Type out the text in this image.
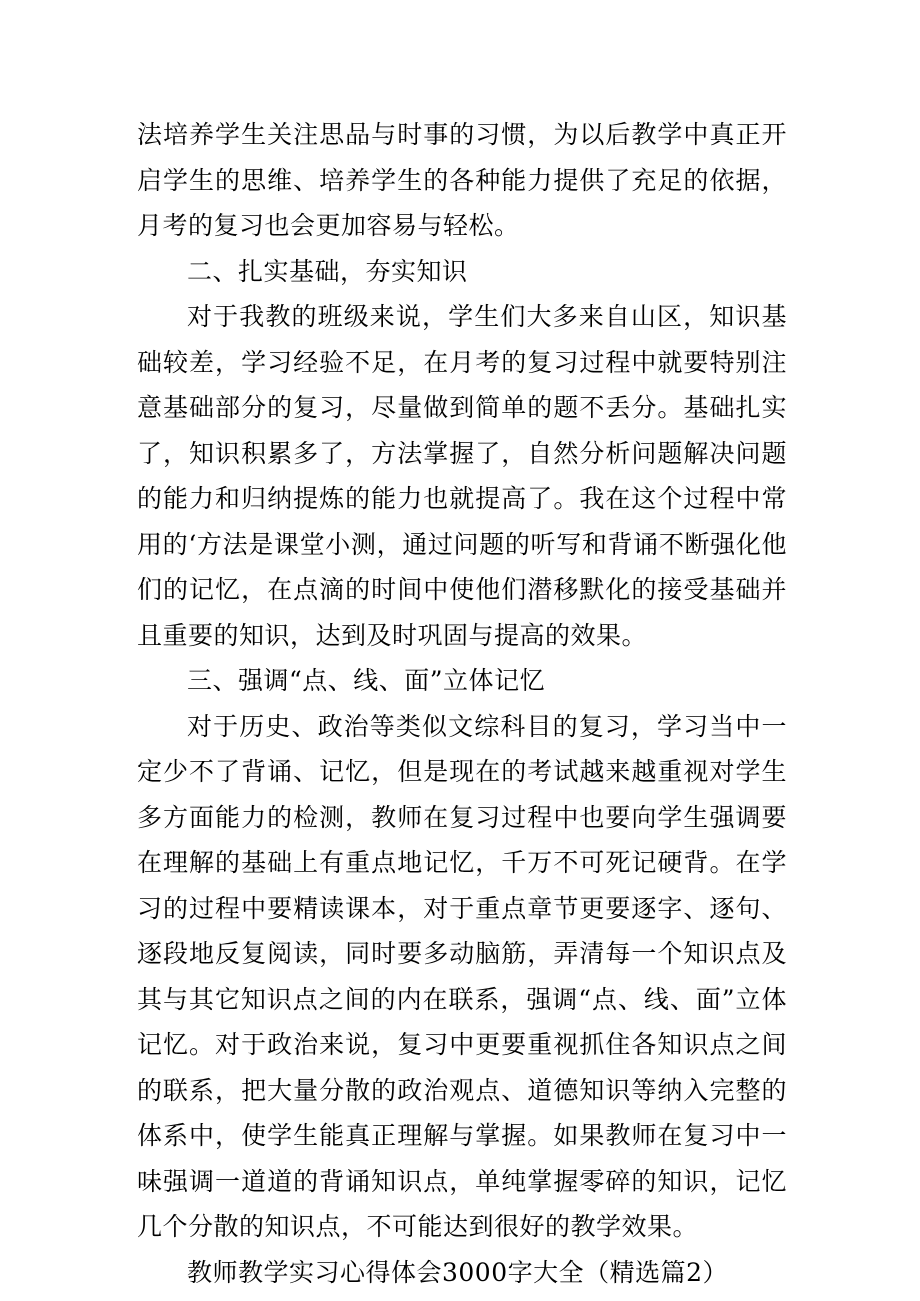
法培养学生关注思品与时事的习惯，为以后教学中真正开启学生的思维、培养学生的各种能力提供了充足的依据，月考的复习也会更加容易与轻松。

二、扎实基础，夯实知识

对于我教的班级来说，学生们大多来自山区，知识基础较差，学习经验不足，在月考的复习过程中就要特别注意基础部分的复习，尽量做到简单的题不丢分。基础扎实了，知识积累多了，方法掌握了，自然分析问题解决问题的能力和归纳提炼的能力也就提高了。我在这个过程中常用的‘方法是课堂小测，通过问题的听写和背诵不断强化他们的记忆，在点滴的时间中使他们潜移默化的接受基础并且重要的知识，达到及时巩固与提高的效果。

三、强调“点、线、面”立体记忆

对于历史、政治等类似文综科目的复习，学习当中一定少不了背诵、记忆，但是现在的考试越来越重视对学生多方面能力的检测，教师在复习过程中也要向学生强调要在理解的基础上有重点地记忆，千万不可死记硬背。在学习的过程中要精读课本，对于重点章节更要逐字、逐句、逐段地反复阅读，同时要多动脑筋，弄清每一个知识点及其与其它知识点之间的内在联系，强调“点、线、面”立体记忆。对于政治来说，复习中更要重视抓住各知识点之间的联系，把大量分散的政治观点、道德知识等纳入完整的体系中，使学生能真正理解与掌握。如果教师在复习中一味强调一道道的背诵知识点，单纯掌握零碎的知识，记忆几个分散的知识点，不可能达到很好的教学效果。

教师教学实习心得体会3000字大全（精选篇2）
